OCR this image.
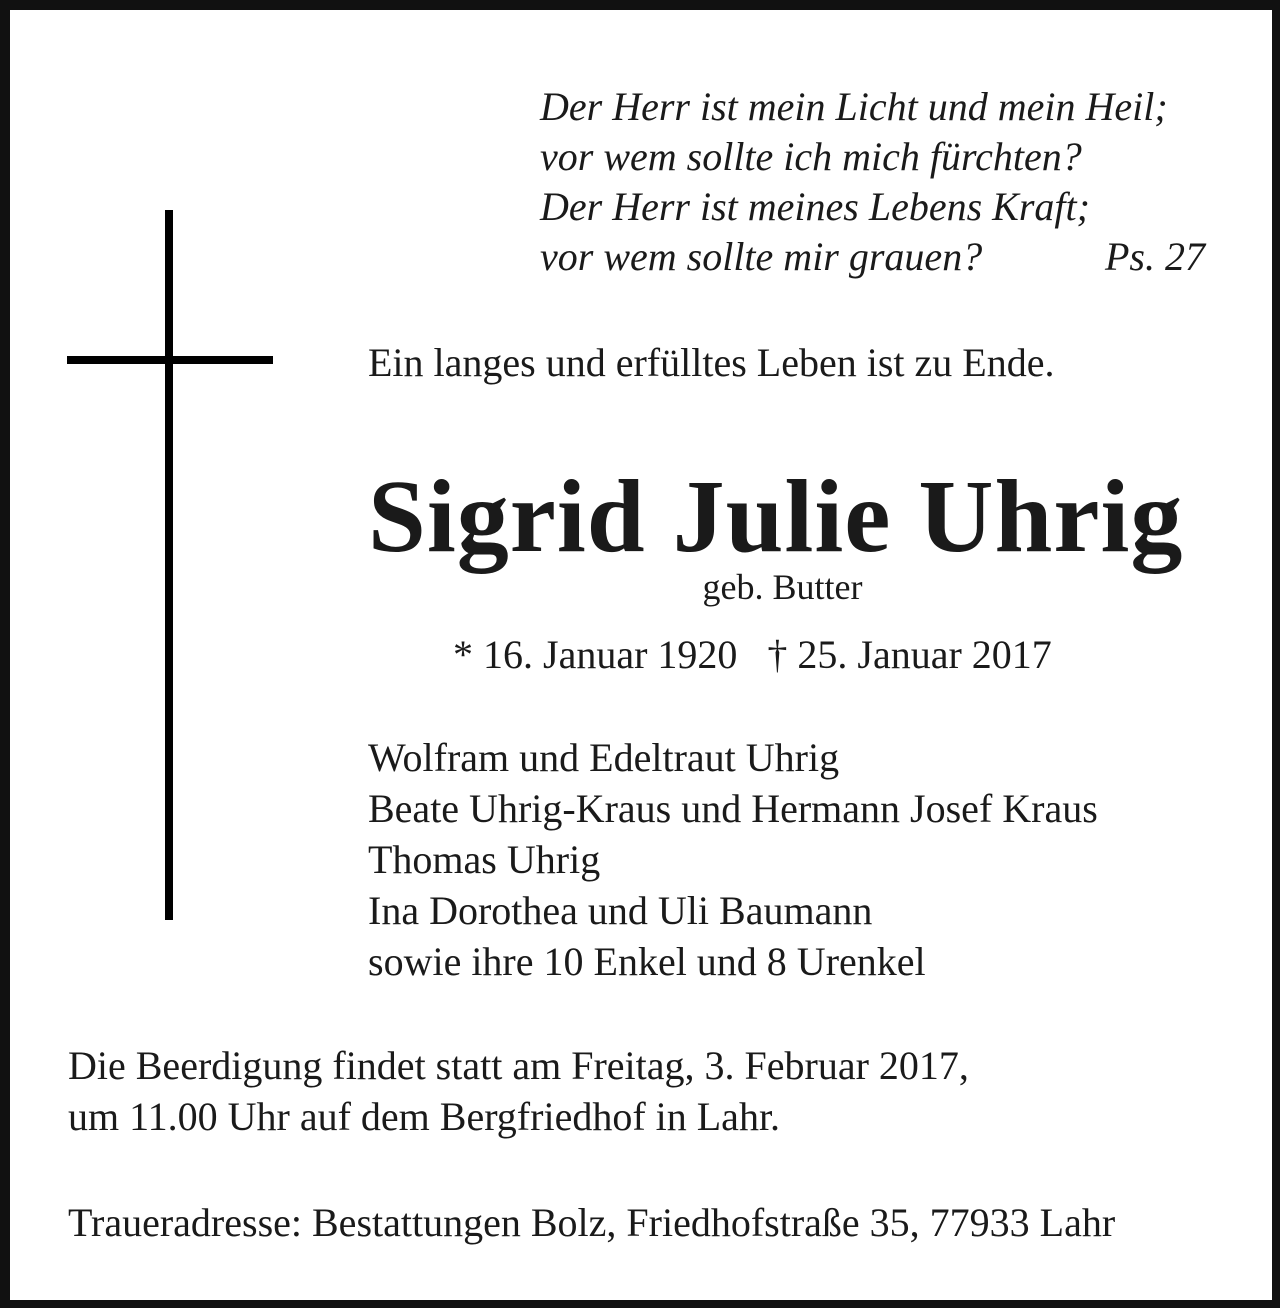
Der Herr ist mein Licht und mein Heil;
vor wem sollte ich mich fürchten?
Der Herr ist meines Lebens Kraft;
vor wem sollte mir grauen?	Ps. 27
Ein langes und erfülltes Leben ist zu Ende.
Sigrid Julie Uhrig
geb. Butter
* 16. Januar 1920 † 25. Januar 2017
Wolfram und Edeltraut Uhrig
Beate Uhrig-Kraus und Hermann Josef Kraus
Thomas Uhrig
Ina Dorothea und Uli Baumann
sowie ihre 10 Enkel und 8 Urenkel
Die Beerdigung findet statt am Freitag, 3. Februar 2017,
um 11.00 Uhr auf dem Bergfriedhof in Lahr.
Traueradresse: Bestattungen Bolz, Friedhofstraße 35, 77933 Lahr
